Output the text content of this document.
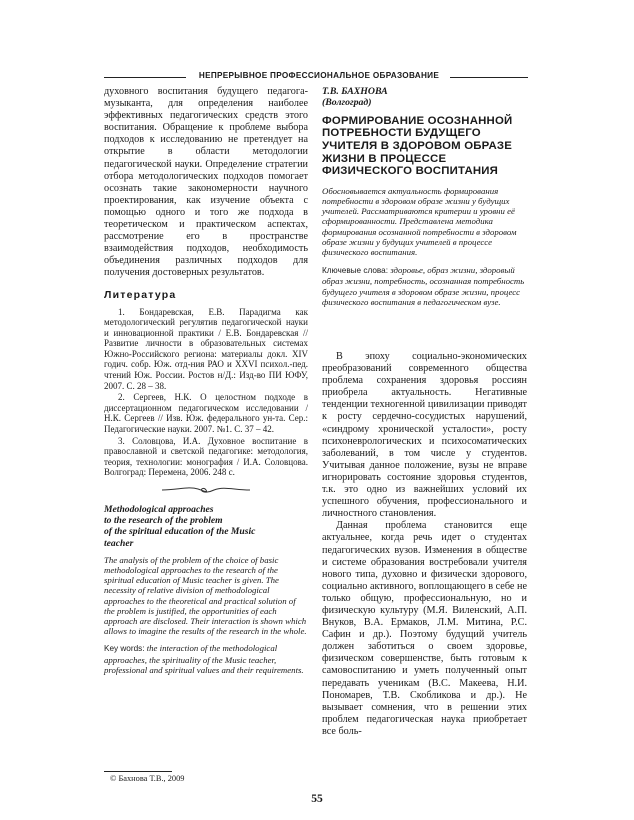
НЕПРЕРЫВНОЕ ПРОФЕССИОНАЛЬНОЕ ОБРАЗОВАНИЕ

духовного воспитания будущего педагога-музыканта, для определения наиболее эффективных педагогических средств этого воспитания. Обращение к проблеме выбора подходов к исследованию не претендует на открытие в области методологии педагогической науки. Определение стратегии отбора методологических подходов помогает осознать такие закономерности научного проектирования, как изучение объекта с помощью одного и того же подхода в теоретическом и практическом аспектах, рассмотрение его в пространстве взаимодействия подходов, необходимость объединения различных подходов для получения достоверных результатов.

Литература

1. Бондаревская, Е.В. Парадигма как методологический регулятив педагогической науки и инновационной практики / Е.В. Бондаревская // Развитие личности в образовательных системах Южно-Российского региона: материалы докл. XIV годич. собр. Юж. отд-ния РАО и XXVI психол.-пед. чтений Юж. России. Ростов н/Д.: Изд-во ПИ ЮФУ, 2007. С. 28 – 38.

2. Сергеев, Н.К. О целостном подходе в диссертационном педагогическом исследовании / Н.К. Сергеев // Изв. Юж. федерального ун-та. Сер.: Педагогические науки. 2007. №1. С. 37 – 42.

3. Соловцова, И.А. Духовное воспитание в православной и светской педагогике: методология, теория, технологии: монография / И.А. Соловцова. Волгоград: Перемена, 2006. 248 с.

Methodological approaches
to the research of the problem
of the spiritual education of the Music
teacher

The analysis of the problem of the choice of basic methodological approaches to the research of the spiritual education of Music teacher is given. The necessity of relative division of methodological approaches to the theoretical and practical solution of the problem is justified, the opportunities of each approach are disclosed. Their interaction is shown which allows to imagine the results of the research in the whole.

Key words: the interaction of the methodological approaches, the spirituality of the Music teacher, professional and spiritual values and their requirements.

Т.В. БАХНОВА
(Волгоград)
ФОРМИРОВАНИЕ ОСОЗНАННОЙ
ПОТРЕБНОСТИ БУДУЩЕГО
УЧИТЕЛЯ В ЗДОРОВОМ ОБРАЗЕ
ЖИЗНИ В ПРОЦЕССЕ
ФИЗИЧЕСКОГО ВОСПИТАНИЯ

Обосновывается актуальность формирования потребности в здоровом образе жизни у будущих учителей. Рассматриваются критерии и уровни её сформированности. Представлена методика формирования осознанной потребности в здоровом образе жизни у будущих учителей в процессе физического воспитания.

Ключевые слова: здоровье, образ жизни, здоровый образ жизни, потребность, осознанная потребность будущего учителя в здоровом образе жизни, процесс физического воспитания в педагогическом вузе.

В эпоху социально-экономических преобразований современного общества проблема сохранения здоровья россиян приобрела актуальность. Негативные тенденции техногенной цивилизации приводят к росту сердечно-сосудистых нарушений, «синдрому хронической усталости», росту психоневрологических и психосоматических заболеваний, в том числе у студентов. Учитывая данное положение, вузы не вправе игнорировать состояние здоровья студентов, т.к. это одно из важнейших условий их успешного обучения, профессионального и личностного становления.

Данная проблема становится еще актуальнее, когда речь идет о студентах педагогических вузов. Изменения в обществе и системе образования востребовали учителя нового типа, духовно и физически здорового, социально активного, воплощающего в себе не только общую, профессиональную, но и физическую культуру (М.Я. Виленский, А.П. Внуков, В.А. Ермаков, Л.М. Митина, Р.С. Сафин и др.). Поэтому будущий учитель должен заботиться о своем здоровье, физическом совершенстве, быть готовым к самовоспитанию и уметь полученный опыт передавать ученикам (В.С. Макеева, Н.И. Пономарев, Т.В. Скобликова и др.). Не вызывает сомнения, что в решении этих проблем педагогическая наука приобретает все боль-

© Бахнова Т.В., 2009
55
